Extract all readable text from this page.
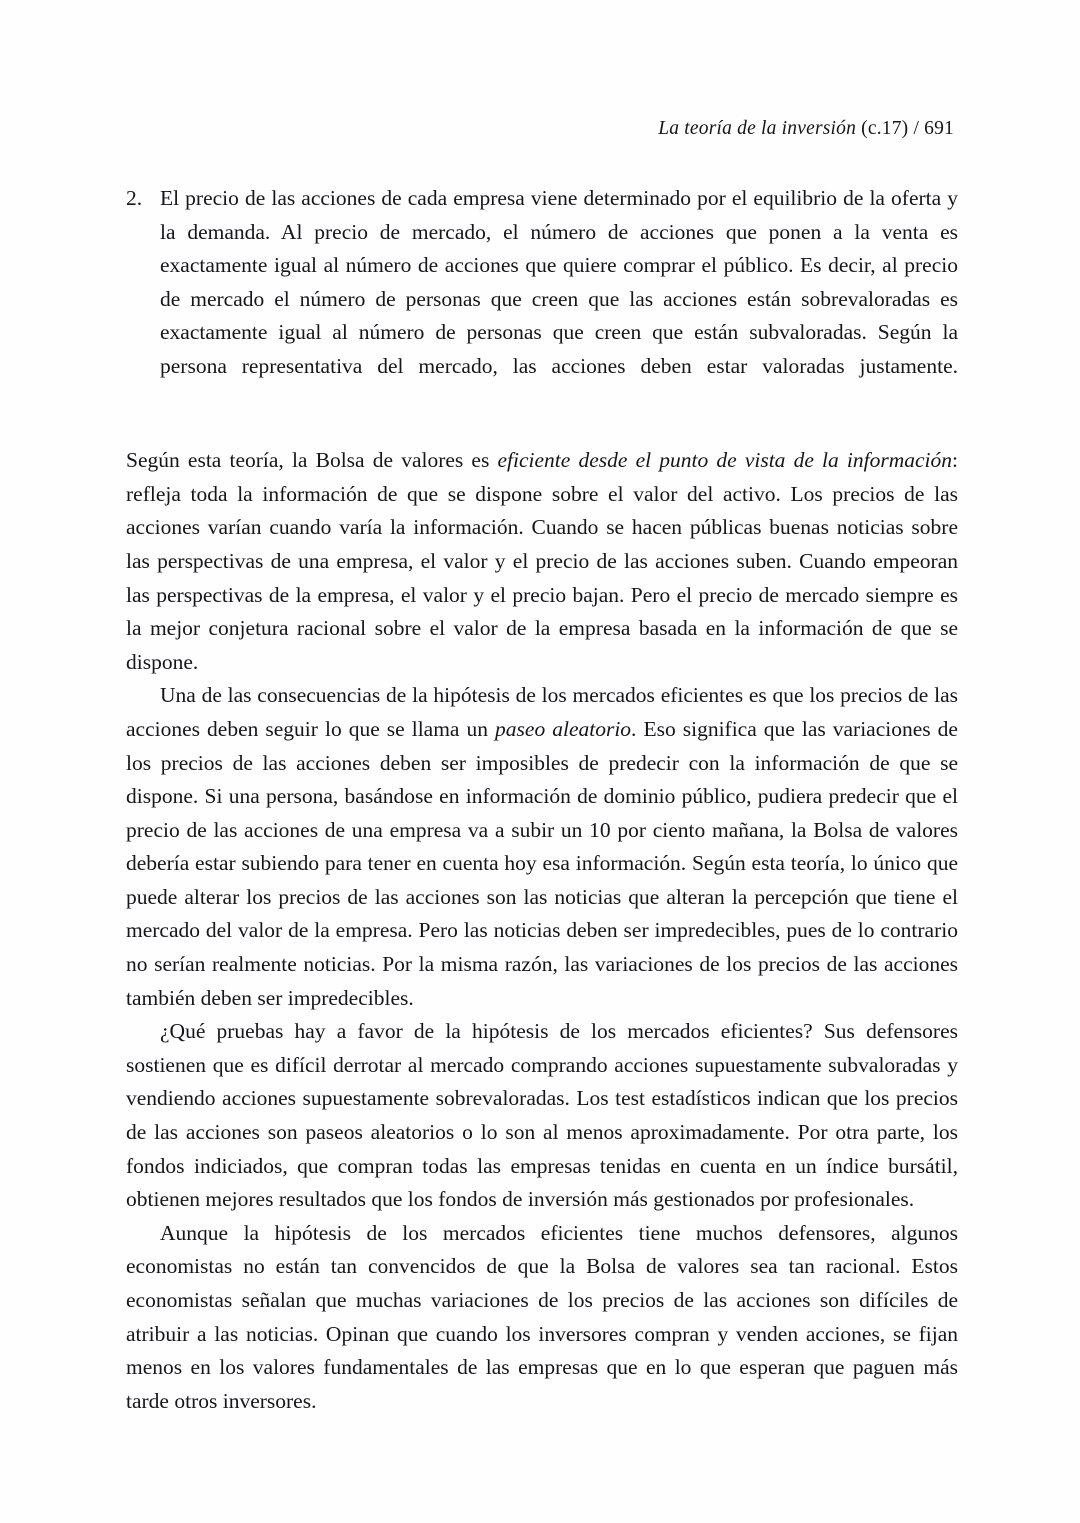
La teoría de la inversión (c.17) / 691
2. El precio de las acciones de cada empresa viene determinado por el equilibrio de la oferta y la demanda. Al precio de mercado, el número de acciones que ponen a la venta es exactamente igual al número de acciones que quiere comprar el público. Es decir, al precio de mercado el número de personas que creen que las acciones están sobrevaloradas es exactamente igual al número de personas que creen que están subvaloradas. Según la persona representativa del mercado, las acciones deben estar valoradas justamente.

Según esta teoría, la Bolsa de valores es eficiente desde el punto de vista de la información: refleja toda la información de que se dispone sobre el valor del activo. Los precios de las acciones varían cuando varía la información. Cuando se hacen públicas buenas noticias sobre las perspectivas de una empresa, el valor y el precio de las acciones suben. Cuando empeoran las perspectivas de la empresa, el valor y el precio bajan. Pero el precio de mercado siempre es la mejor conjetura racional sobre el valor de la empresa basada en la información de que se dispone.

Una de las consecuencias de la hipótesis de los mercados eficientes es que los precios de las acciones deben seguir lo que se llama un paseo aleatorio. Eso significa que las variaciones de los precios de las acciones deben ser imposibles de predecir con la información de que se dispone. Si una persona, basándose en información de dominio público, pudiera predecir que el precio de las acciones de una empresa va a subir un 10 por ciento mañana, la Bolsa de valores debería estar subiendo para tener en cuenta hoy esa información. Según esta teoría, lo único que puede alterar los precios de las acciones son las noticias que alteran la percepción que tiene el mercado del valor de la empresa. Pero las noticias deben ser impredecibles, pues de lo contrario no serían realmente noticias. Por la misma razón, las variaciones de los precios de las acciones también deben ser impredecibles.

¿Qué pruebas hay a favor de la hipótesis de los mercados eficientes? Sus defensores sostienen que es difícil derrotar al mercado comprando acciones supuestamente subvaloradas y vendiendo acciones supuestamente sobrevaloradas. Los test estadísticos indican que los precios de las acciones son paseos aleatorios o lo son al menos aproximadamente. Por otra parte, los fondos indiciados, que compran todas las empresas tenidas en cuenta en un índice bursátil, obtienen mejores resultados que los fondos de inversión más gestionados por profesionales.

Aunque la hipótesis de los mercados eficientes tiene muchos defensores, algunos economistas no están tan convencidos de que la Bolsa de valores sea tan racional. Estos economistas señalan que muchas variaciones de los precios de las acciones son difíciles de atribuir a las noticias. Opinan que cuando los inversores compran y venden acciones, se fijan menos en los valores fundamentales de las empresas que en lo que esperan que paguen más tarde otros inversores.
